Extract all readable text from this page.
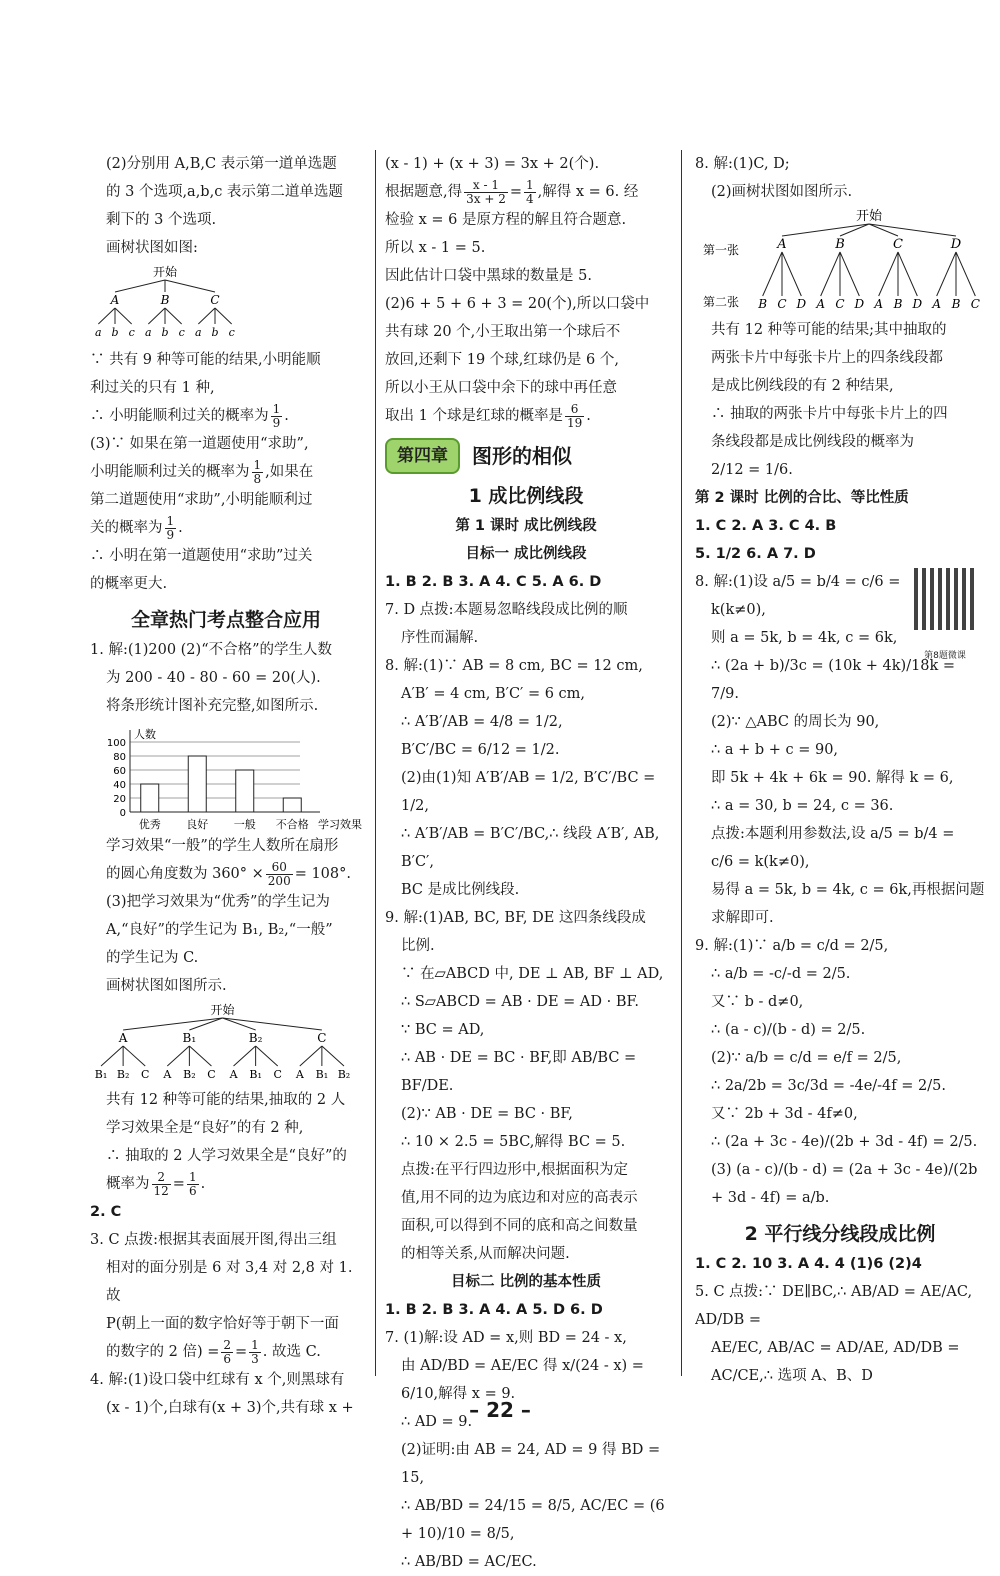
(2)分别用 A,B,C 表示第一道单选题

的 3 个选项,a,b,c 表示第二道单选题

剩下的 3 个选项.

画树状图如图:

开始
A
a b c
B
a b c
C
a b c

∵ 共有 9 种等可能的结果,小明能顺

利过关的只有 1 种,

∴ 小明能顺利过关的概率为 $\frac{1}{9}$ .

(3)∵ 如果在第一道题使用“求助”,

小明能顺利过关的概率为 $\frac{1}{8}$ ,如果在

第二道题使用“求助”,小明能顺利过

关的概率为 $\frac{1}{9}$ .

∴ 小明在第一道题使用“求助”过关

的概率更大.

全章热门考点整合应用

1. 解:(1)200 (2)“不合格”的学生人数

为 200 - 40 - 80 - 60 = 20(人).

将条形统计图补充完整,如图所示.

人数
学习效果
100
80
60
40
20
0
优秀 良好 一般 不合格

学习效果“一般”的学生人数所在扇形

的圆心角度数为 $360^\circ \times \frac{60}{200} = 108^\circ$.

(3)把学习效果为“优秀”的学生记为

A,“良好”的学生记为 B₁, B₂,“一般”

的学生记为 C.

画树状图如图所示.

开始
A
B₁ B₂ C
B₁
A B₂ C
B₂
A B₁ C
C
A B₁ B₂

共有 12 种等可能的结果,抽取的 2 人

学习效果全是“良好”的有 2 种,

∴ 抽取的 2 人学习效果全是“良好”的

概率为 $\frac{2}{12} = \frac{1}{6}$ .

2. C

3. C 点拨:根据其表面展开图,得出三组

相对的面分别是 6 对 3,4 对 2,8 对 1. 故

P(朝上一面的数字恰好等于朝下一面

的数字的 2 倍) = $\frac{2}{6} = \frac{1}{3}$ . 故选 C.

4. 解:(1)设口袋中红球有 x 个,则黑球有

(x - 1)个,白球有(x + 3)个,共有球 x +

(x - 1) + (x + 3) = 3x + 2(个).

根据题意,得 $\frac{x - 1}{3x + 2} = \frac{1}{4}$ ,解得 x = 6. 经

检验 x = 6 是原方程的解且符合题意.

所以 x - 1 = 5.

因此估计口袋中黑球的数量是 5.

(2)6 + 5 + 6 + 3 = 20(个),所以口袋中

共有球 20 个,小王取出第一个球后不

放回,还剩下 19 个球,红球仍是 6 个,

所以小王从口袋中余下的球中再任意

取出 1 个球是红球的概率是 $\frac{6}{19}$ .

第四章	图形的相似
1 成比例线段
第 1 课时 成比例线段
目标一 成比例线段

1. B 2. B 3. A 4. C 5. A 6. D

7. D 点拨:本题易忽略线段成比例的顺

序性而漏解.

8. 解:(1)∵ AB = 8 cm, BC = 12 cm,

A′B′ = 4 cm, B′C′ = 6 cm,

∴ A′B′/AB = 4/8 = 1/2,

B′C′/BC = 6/12 = 1/2.

(2)由(1)知 A′B′/AB = 1/2, B′C′/BC = 1/2,

∴ A′B′/AB = B′C′/BC,∴ 线段 A′B′, AB, B′C′,

BC 是成比例线段.

9. 解:(1)AB, BC, BF, DE 这四条线段成

比例.

∵ 在▱ABCD 中, DE ⊥ AB, BF ⊥ AD,

∴ S▱ABCD = AB · DE = AD · BF.

∵ BC = AD,

∴ AB · DE = BC · BF,即 AB/BC = BF/DE.

(2)∵ AB · DE = BC · BF,

∴ 10 × 2.5 = 5BC,解得 BC = 5.

点拨:在平行四边形中,根据面积为定

值,用不同的边为底边和对应的高表示

面积,可以得到不同的底和高之间数量

的相等关系,从而解决问题.

目标二 比例的基本性质

1. B 2. B 3. A 4. A 5. D 6. D

7. (1)解:设 AD = x,则 BD = 24 - x,

由 AD/BD = AE/EC 得 x/(24 - x) = 6/10,解得 x = 9.

∴ AD = 9.

(2)证明:由 AB = 24, AD = 9 得 BD = 15,

∴ AB/BD = 24/15 = 8/5, AC/EC = (6 + 10)/10 = 8/5,

∴ AB/BD = AC/EC.

8. 解:(1)C, D;

(2)画树状图如图所示.

第一张
第二张
开始
A
B C D
B
A C D
C
A B D
D
A B C

共有 12 种等可能的结果;其中抽取的

两张卡片中每张卡片上的四条线段都

是成比例线段的有 2 种结果,

∴ 抽取的两张卡片中每张卡片上的四

条线段都是成比例线段的概率为

2/12 = 1/6.

第 2 课时 比例的合比、等比性质

1. C 2. A 3. C 4. B

5. 1/2 6. A 7. D

8. 解:(1)设 a/5 = b/4 = c/6 =

k(k≠0),

则 a = 5k, b = 4k, c = 6k,

∴ (2a + b)/3c = (10k + 4k)/18k = 7/9.

(2)∵ △ABC 的周长为 90,

∴ a + b + c = 90,

即 5k + 4k + 6k = 90. 解得 k = 6,

∴ a = 30, b = 24, c = 36.

点拨:本题利用参数法,设 a/5 = b/4 =

c/6 = k(k≠0),

易得 a = 5k, b = 4k, c = 6k,再根据问题

求解即可.

9. 解:(1)∵ a/b = c/d = 2/5,

∴ a/b = -c/-d = 2/5.

又∵ b - d≠0,

∴ (a - c)/(b - d) = 2/5.

(2)∵ a/b = c/d = e/f = 2/5,

∴ 2a/2b = 3c/3d = -4e/-4f = 2/5.

又∵ 2b + 3d - 4f≠0,

∴ (2a + 3c - 4e)/(2b + 3d - 4f) = 2/5.

(3) (a - c)/(b - d) = (2a + 3c - 4e)/(2b + 3d - 4f) = a/b.

2 平行线分线段成比例

1. C 2. 10 3. A 4. 4 (1)6 (2)4

5. C 点拨:∵ DE∥BC,∴ AB/AD = AE/AC, AD/DB =

AE/EC, AB/AC = AD/AE, AD/DB = AC/CE,∴ 选项 A、B、D

第8题微课
– 22 –
